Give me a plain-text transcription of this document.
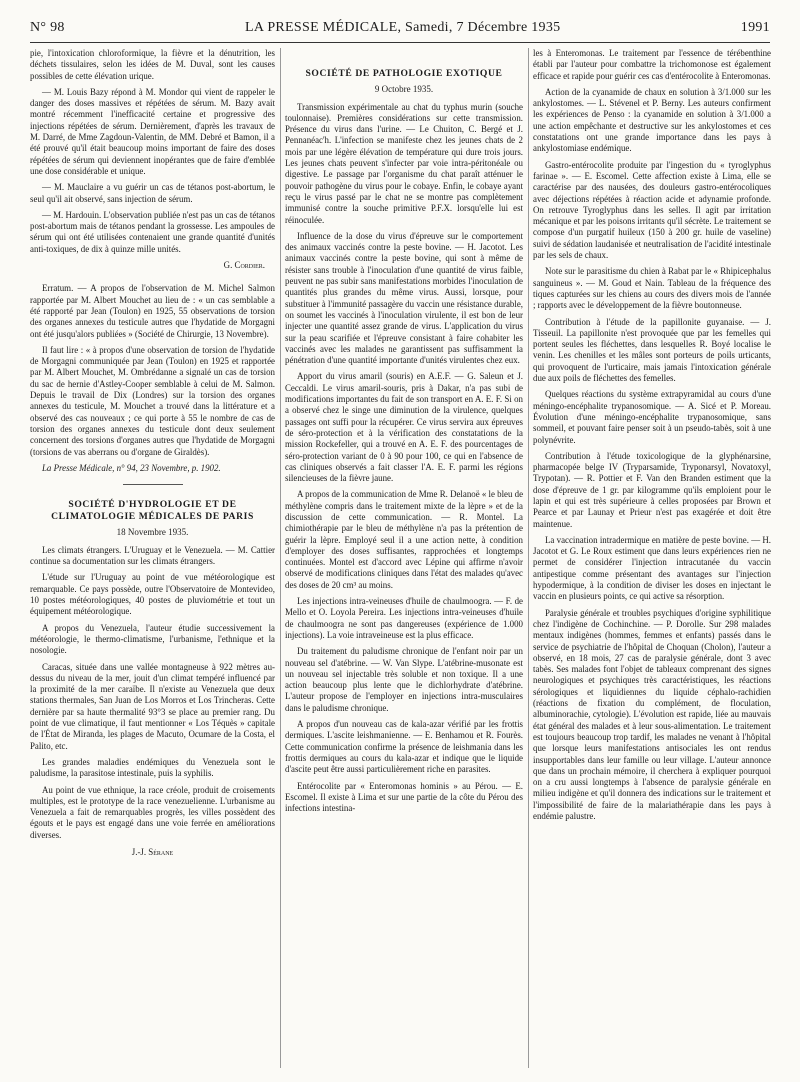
N° 98	LA PRESSE MÉDICALE, Samedi, 7 Décembre 1935	1991

pie, l'intoxication chloroformique, la fièvre et la dénutrition, les déchets tissulaires, selon les idées de M. Duval, sont les causes possibles de cette élévation urique.

— M. Louis Bazy répond à M. Mondor qui vient de rappeler le danger des doses massives et répétées de sérum. M. Bazy avait montré récemment l'inefficacité certaine et progressive des injections répétées de sérum. Dernièrement, d'après les travaux de M. Darré, de Mme Zagdoun-Valentin, de MM. Debré et Bamon, il a été prouvé qu'il était beaucoup moins important de faire des doses répétées de sérum qui deviennent inopérantes que de faire d'emblée une dose considérable et unique.

— M. Mauclaire a vu guérir un cas de tétanos post-abortum, le seul qu'il ait observé, sans injection de sérum.

— M. Hardouin. L'observation publiée n'est pas un cas de tétanos post-abortum mais de tétanos pendant la grossesse. Les ampoules de sérum qui ont été utilisées contenaient une grande quantité d'unités anti-toxiques, de dix à quinze mille unités.

G. Cordier.

Erratum. — A propos de l'observation de M. Michel Salmon rapportée par M. Albert Mouchet au lieu de : « un cas semblable a été rapporté par Jean (Toulon) en 1925, 55 observations de torsion des organes annexes du testicule autres que l'hydatide de Morgagni ont été jusqu'alors publiées » (Société de Chirurgie, 13 Novembre).

Il faut lire : « à propos d'une observation de torsion de l'hydatide de Morgagni communiquée par Jean (Toulon) en 1925 et rapportée par M. Albert Mouchet, M. Ombrédanne a signalé un cas de torsion du sac de hernie d'Astley-Cooper semblable à celui de M. Salmon. Depuis le travail de Dix (Londres) sur la torsion des organes annexes du testicule, M. Mouchet a trouvé dans la littérature et a observé des cas nouveaux ; ce qui porte à 55 le nombre de cas de torsion des organes annexes du testicule dont deux seulement concernent des torsions d'organes autres que l'hydatide de Morgagni (torsions de vas aberrans ou d'organe de Giraldès).

La Presse Médicale, n° 94, 23 Novembre, p. 1902.

SOCIÉTÉ D'HYDROLOGIE ET DE CLIMATOLOGIE MÉDICALES DE PARIS
18 Novembre 1935.

Les climats étrangers. L'Uruguay et le Venezuela. — M. Cattier continue sa documentation sur les climats étrangers.

L'étude sur l'Uruguay au point de vue météorologique est remarquable. Ce pays possède, outre l'Observatoire de Montevideo, 10 postes météorologiques, 40 postes de pluviométrie et tout un équipement météorologique.

A propos du Venezuela, l'auteur étudie successivement la météorologie, le thermo-climatisme, l'urbanisme, l'ethnique et la nosologie.

Caracas, située dans une vallée montagneuse à 922 mètres au-dessus du niveau de la mer, jouit d'un climat tempéré influencé par la proximité de la mer caraïbe. Il n'existe au Venezuela que deux stations thermales, San Juan de Los Morros et Los Trincheras. Cette dernière par sa haute thermalité 93°3 se place au premier rang. Du point de vue climatique, il faut mentionner « Los Téquès » capitale de l'État de Miranda, les plages de Macuto, Ocumare de la Costa, el Palito, etc.

Les grandes maladies endémiques du Venezuela sont le paludisme, la parasitose intestinale, puis la syphilis.

Au point de vue ethnique, la race créole, produit de croisements multiples, est le prototype de la race venezuelienne. L'urbanisme au Venezuela a fait de remarquables progrès, les villes possèdent des égouts et le pays est engagé dans une voie ferrée en améliorations diverses.

J.-J. Sérane

SOCIÉTÉ DE PATHOLOGIE EXOTIQUE
9 Octobre 1935.

Transmission expérimentale au chat du typhus murin (souche toulonnaise). Premières considérations sur cette transmission. Présence du virus dans l'urine. — Le Chuiton, C. Bergé et J. Pennanéac'h. L'infection se manifeste chez les jeunes chats de 2 mois par une légère élévation de température qui dure trois jours. Les jeunes chats peuvent s'infecter par voie intra-péritonéale ou digestive. Le passage par l'organisme du chat paraît atténuer le pouvoir pathogène du virus pour le cobaye. Enfin, le cobaye ayant reçu le virus passé par le chat ne se montre pas complètement immunisé contre la souche primitive P.F.X. lorsqu'elle lui est réinoculée.

Influence de la dose du virus d'épreuve sur le comportement des animaux vaccinés contre la peste bovine. — H. Jacotot. Les animaux vaccinés contre la peste bovine, qui sont à même de résister sans trouble à l'inoculation d'une quantité de virus faible, peuvent ne pas subir sans manifestations morbides l'inoculation de quantités plus grandes du même virus. Aussi, lorsque, pour substituer à l'immunité passagère du vaccin une résistance durable, on soumet les vaccinés à l'inoculation virulente, il est bon de leur injecter une quantité assez grande de virus. L'application du virus sur la peau scarifiée et l'épreuve consistant à faire cohabiter les vaccinés avec les malades ne garantissent pas suffisamment la pénétration d'une quantité importante d'unités virulentes chez eux.

Apport du virus amaril (souris) en A.E.F. — G. Saleun et J. Ceccaldi. Le virus amaril-souris, pris à Dakar, n'a pas subi de modifications importantes du fait de son transport en A. E. F. Si on a observé chez le singe une diminution de la virulence, quelques passages ont suffi pour la récupérer. Ce virus servira aux épreuves de séro-protection et à la vérification des constatations de la mission Rockefeller, qui a trouvé en A. E. F. des pourcentages de séro-protection variant de 0 à 90 pour 100, ce qui en l'absence de cas cliniques observés a fait classer l'A. E. F. parmi les régions silencieuses de la fièvre jaune.

A propos de la communication de Mme R. Delanoë « le bleu de méthylène compris dans le traitement mixte de la lèpre » et de la discussion de cette communication. — R. Montel. La chimiothérapie par le bleu de méthylène n'a pas la prétention de guérir la lèpre. Employé seul il a une action nette, à condition d'employer des doses suffisantes, rapprochées et longtemps continuées. Montel est d'accord avec Lépine qui affirme n'avoir observé de modifications cliniques dans l'état des malades qu'avec des doses de 20 cm³ au moins.

Les injections intra-veineuses d'huile de chaulmoogra. — F. de Mello et O. Loyola Pereira. Les injections intra-veineuses d'huile de chaulmoogra ne sont pas dangereuses (expérience de 1.000 injections). La voie intraveineuse est la plus efficace.

Du traitement du paludisme chronique de l'enfant noir par un nouveau sel d'atébrine. — W. Van Slype. L'atébrine-musonate est un nouveau sel injectable très soluble et non toxique. Il a une action beaucoup plus lente que le dichlorhydrate d'atébrine. L'auteur propose de l'employer en injections intra-musculaires dans le paludisme chronique.

A propos d'un nouveau cas de kala-azar vérifié par les frottis dermiques. L'ascite leishmanienne. — E. Benhamou et R. Fourès. Cette communication confirme la présence de leishmania dans les frottis dermiques au cours du kala-azar et indique que le liquide d'ascite peut être aussi particulièrement riche en parasites.

Entérocolite par « Enteromonas hominis » au Pérou. — E. Escomel. Il existe à Lima et sur une partie de la côte du Pérou des infections intestina-

les à Enteromonas. Le traitement par l'essence de térébenthine établi par l'auteur pour combattre la trichomonose est également efficace et rapide pour guérir ces cas d'entérocolite à Enteromonas.

Action de la cyanamide de chaux en solution à 3/1.000 sur les ankylostomes. — L. Stévenel et P. Berny. Les auteurs confirment les expériences de Penso : la cyanamide en solution à 3/1.000 a une action empêchante et destructive sur les ankylostomes et ces constatations ont une grande importance dans les pays à ankylostomiase endémique.

Gastro-entérocolite produite par l'ingestion du « tyroglyphus farinae ». — E. Escomel. Cette affection existe à Lima, elle se caractérise par des nausées, des douleurs gastro-entérocoliques avec déjections répétées à réaction acide et adynamie profonde. On retrouve Tyroglyphus dans les selles. Il agit par irritation mécanique et par les poisons irritants qu'il sécrète. Le traitement se compose d'un purgatif huileux (150 à 200 gr. huile de vaseline) suivi de sédation laudanisée et neutralisation de l'acidité intestinale par les sels de chaux.

Note sur le parasitisme du chien à Rabat par le « Rhipicephalus sanguineus ». — M. Goud et Nain. Tableau de la fréquence des tiques capturées sur les chiens au cours des divers mois de l'année ; rapports avec le développement de la fièvre boutonneuse.

Contribution à l'étude de la papillonite guyanaise. — J. Tisseuil. La papillonite n'est provoquée que par les femelles qui portent seules les fléchettes, dans lesquelles R. Boyé localise le venin. Les chenilles et les mâles sont porteurs de poils urticants, qui provoquent de l'urticaire, mais jamais l'intoxication générale due aux poils de fléchettes des femelles.

Quelques réactions du système extrapyramidal au cours d'une méningo-encéphalite trypanosomique. — A. Sicé et P. Moreau. Évolution d'une méningo-encéphalite trypanosomique, sans sommeil, et pouvant faire penser soit à un pseudo-tabès, soit à une polynévrite.

Contribution à l'étude toxicologique de la glyphénarsine, pharmacopée belge IV (Tryparsamide, Tryponarsyl, Novatoxyl, Trypotan). — R. Pottier et F. Van den Branden estiment que la dose d'épreuve de 1 gr. par kilogramme qu'ils emploient pour le lapin et qui est très supérieure à celles proposées par Brown et Pearce et par Launay et Prieur n'est pas exagérée et doit être maintenue.

La vaccination intradermique en matière de peste bovine. — H. Jacotot et G. Le Roux estiment que dans leurs expériences rien ne permet de considérer l'injection intracutanée du vaccin antipestique comme présentant des avantages sur l'injection hypodermique, à la condition de diviser les doses en injectant le vaccin en plusieurs points, ce qui active sa résorption.

Paralysie générale et troubles psychiques d'origine syphilitique chez l'indigène de Cochinchine. — P. Dorolle. Sur 298 malades mentaux indigènes (hommes, femmes et enfants) passés dans le service de psychiatrie de l'hôpital de Choquan (Cholon), l'auteur a observé, en 18 mois, 27 cas de paralysie générale, dont 3 avec tabès. Ses malades font l'objet de tableaux comprenant des signes neurologiques et psychiques très caractéristiques, les réactions sérologiques et liquidiennes du liquide céphalo-rachidien (réactions de fixation du complément, de floculation, albuminorachie, cytologie). L'évolution est rapide, liée au mauvais état général des malades et à leur sous-alimentation. Le traitement est toujours beaucoup trop tardif, les malades ne venant à l'hôpital que lorsque leurs manifestations antisociales les ont rendus insupportables dans leur famille ou leur village. L'auteur annonce que dans un prochain mémoire, il cherchera à expliquer pourquoi on a cru aussi longtemps à l'absence de paralysie générale en milieu indigène et qu'il donnera des indications sur le traitement et l'impossibilité de faire de la malariathérapie dans les pays à endémie palustre.
